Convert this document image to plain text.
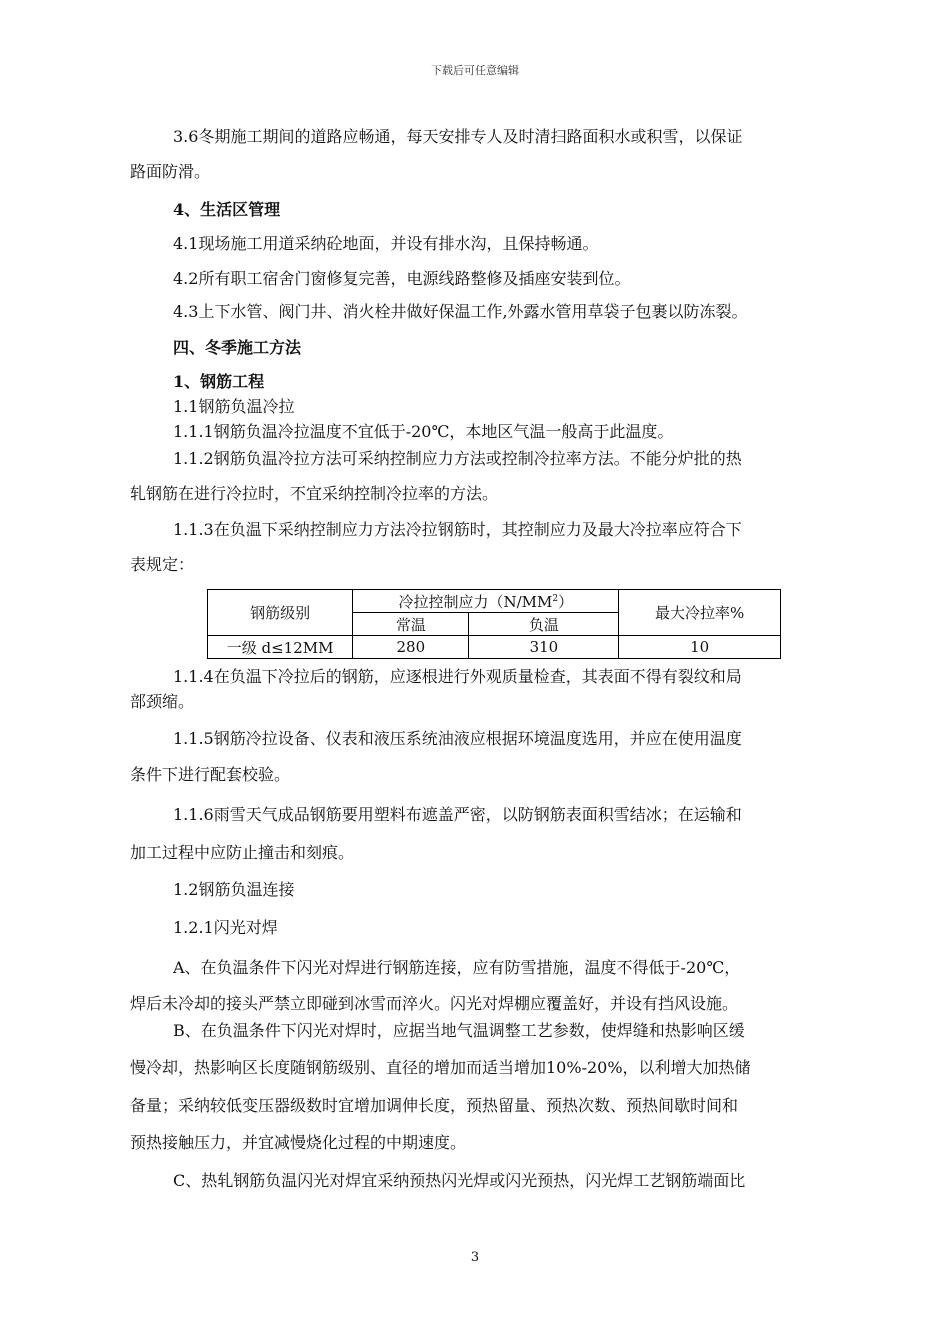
下载后可任意编辑
3.6冬期施工期间的道路应畅通，每天安排专人及时清扫路面积水或积雪，以保证
路面防滑。
4、生活区管理
4.1现场施工用道采纳砼地面，并设有排水沟，且保持畅通。
4.2所有职工宿舍门窗修复完善，电源线路整修及插座安装到位。
4.3上下水管、阀门井、消火栓井做好保温工作,外露水管用草袋子包裹以防冻裂。
四、冬季施工方法
1、钢筋工程
1.1钢筋负温冷拉
1.1.1钢筋负温冷拉温度不宜低于-20℃，本地区气温一般高于此温度。
1.1.2钢筋负温冷拉方法可采纳控制应力方法或控制冷拉率方法。不能分炉批的热
轧钢筋在进行冷拉时，不宜采纳控制冷拉率的方法。
1.1.3在负温下采纳控制应力方法冷拉钢筋时，其控制应力及最大冷拉率应符合下
表规定：
钢筋级别	冷拉控制应力$(N/MM^2)$		最大冷拉率%
	常温	负温	
一级 d≤12MM	280	310	10
1.1.4在负温下冷拉后的钢筋，应逐根进行外观质量检查，其表面不得有裂纹和局
部颈缩。
1.1.5钢筋冷拉设备、仪表和液压系统油液应根据环境温度选用，并应在使用温度
条件下进行配套校验。
1.1.6雨雪天气成品钢筋要用塑料布遮盖严密，以防钢筋表面积雪结冰；在运输和
加工过程中应防止撞击和刻痕。
1.2钢筋负温连接
1.2.1闪光对焊
A、在负温条件下闪光对焊进行钢筋连接，应有防雪措施，温度不得低于-20℃，
焊后未冷却的接头严禁立即碰到冰雪而淬火。闪光对焊棚应覆盖好，并设有挡风设施。
B、在负温条件下闪光对焊时，应据当地气温调整工艺参数，使焊缝和热影响区缓
慢冷却，热影响区长度随钢筋级别、直径的增加而适当增加10%-20%，以利增大加热储
备量；采纳较低变压器级数时宜增加调伸长度，预热留量、预热次数、预热间歇时间和
预热接触压力，并宜减慢烧化过程的中期速度。
C、热轧钢筋负温闪光对焊宜采纳预热闪光焊或闪光预热，闪光焊工艺钢筋端面比
3
